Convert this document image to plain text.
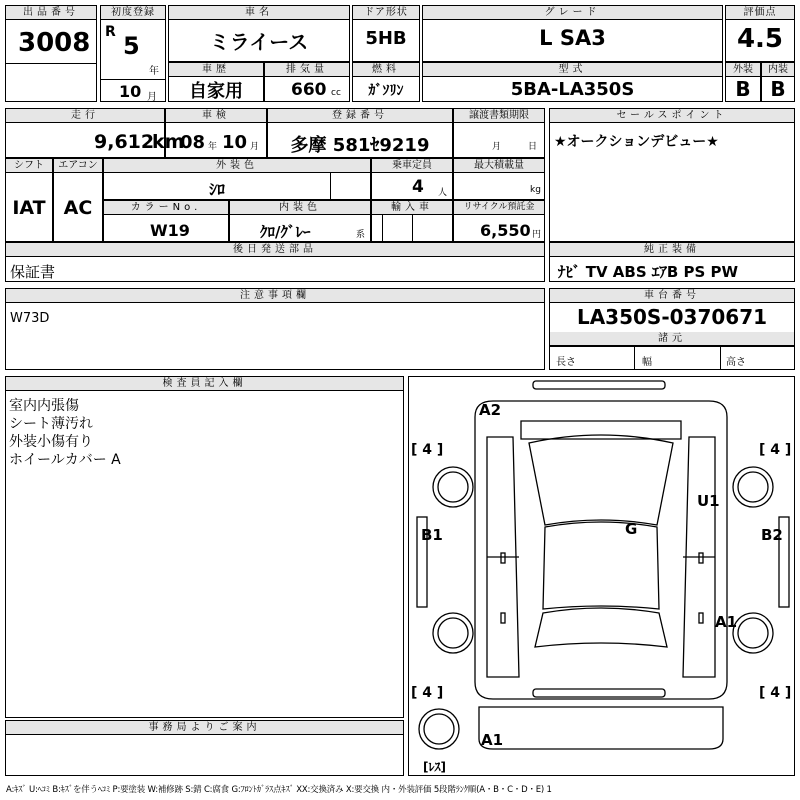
出品番号
3008
初度登録
R 5
年
10 月
車名
ミライース
ドア形状
5HB
グレード
L SA3
評価点
4.5
車歴
自家用
排気量
660 cc
燃料
ｶﾞｿﾘﾝ
型式
5BA-LA350S
外装
B
内装
B
走行
9,612
km
車検
08 年 10 月
登録番号
多摩 581ｾ9219
譲渡書類期限
月	日
セールスポイント
★オークションデビュー★
シフト
IAT
エアコン
AC
外装色
ｼﾛ
乗車定員
4 人
最大積載量
kg
カラーNo.
W19
内装色
ｸﾛ/ｸﾞﾚｰ	系
輸入車	リサイクル預託金
6,550 円
後日発送部品
保証書
純正装備
ﾅﾋﾞ TV ABS ｴｱB PS PW
注意事項欄
W73D
車台番号
LA350S-0370671
諸元
長さ	幅	高さ
検査員記入欄
室内内張傷
シート薄汚れ
外装小傷有り
ホイールカバー A
事務局よりご案内
[ 4 ]	[ 4 ]
[ 4 ]	[ 4 ]
A2
U1
B1	B2
G
A1
A1
[ﾚｽ]
A:ｷｽﾞ U:ﾍｺﾐ B:ｷｽﾞを伴うﾍｺﾐ P:要塗装 W:補修跡 S:錆 C:腐食 G:ﾌﾛﾝﾄｶﾞﾗｽ点ｷｽﾞ XX:交換済み X:要交換 内・外装評価 5段階ﾗﾝｸ順(A・B・C・D・E) 1
